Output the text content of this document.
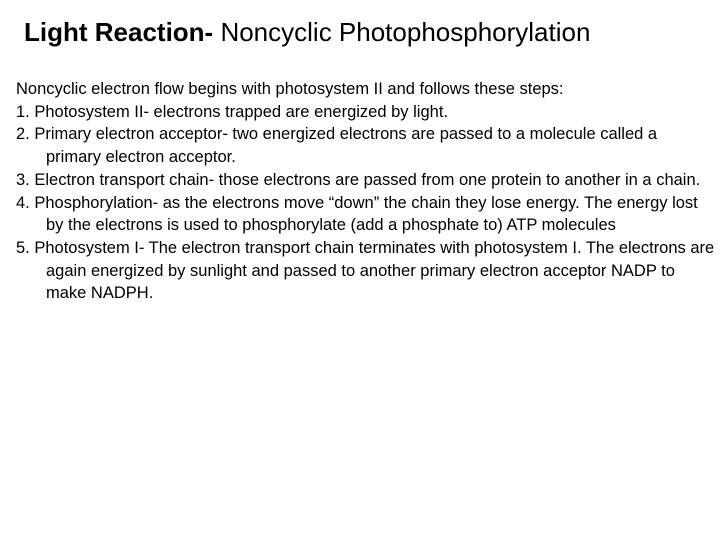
Light Reaction- Noncyclic Photophosphorylation
Noncyclic electron flow begins with photosystem II and follows these steps:
1. Photosystem II- electrons trapped are energized by light.
2. Primary electron acceptor- two energized electrons are passed to a molecule called a primary electron acceptor.
3. Electron transport chain- those electrons are passed from one protein to another in a chain.
4. Phosphorylation- as the electrons move “down” the chain they lose energy. The energy lost by the electrons is used to phosphorylate (add a phosphate to) ATP molecules
5. Photosystem I- The electron transport chain terminates with photosystem I. The electrons are again energized by sunlight and passed to another primary electron acceptor NADP to make NADPH.
